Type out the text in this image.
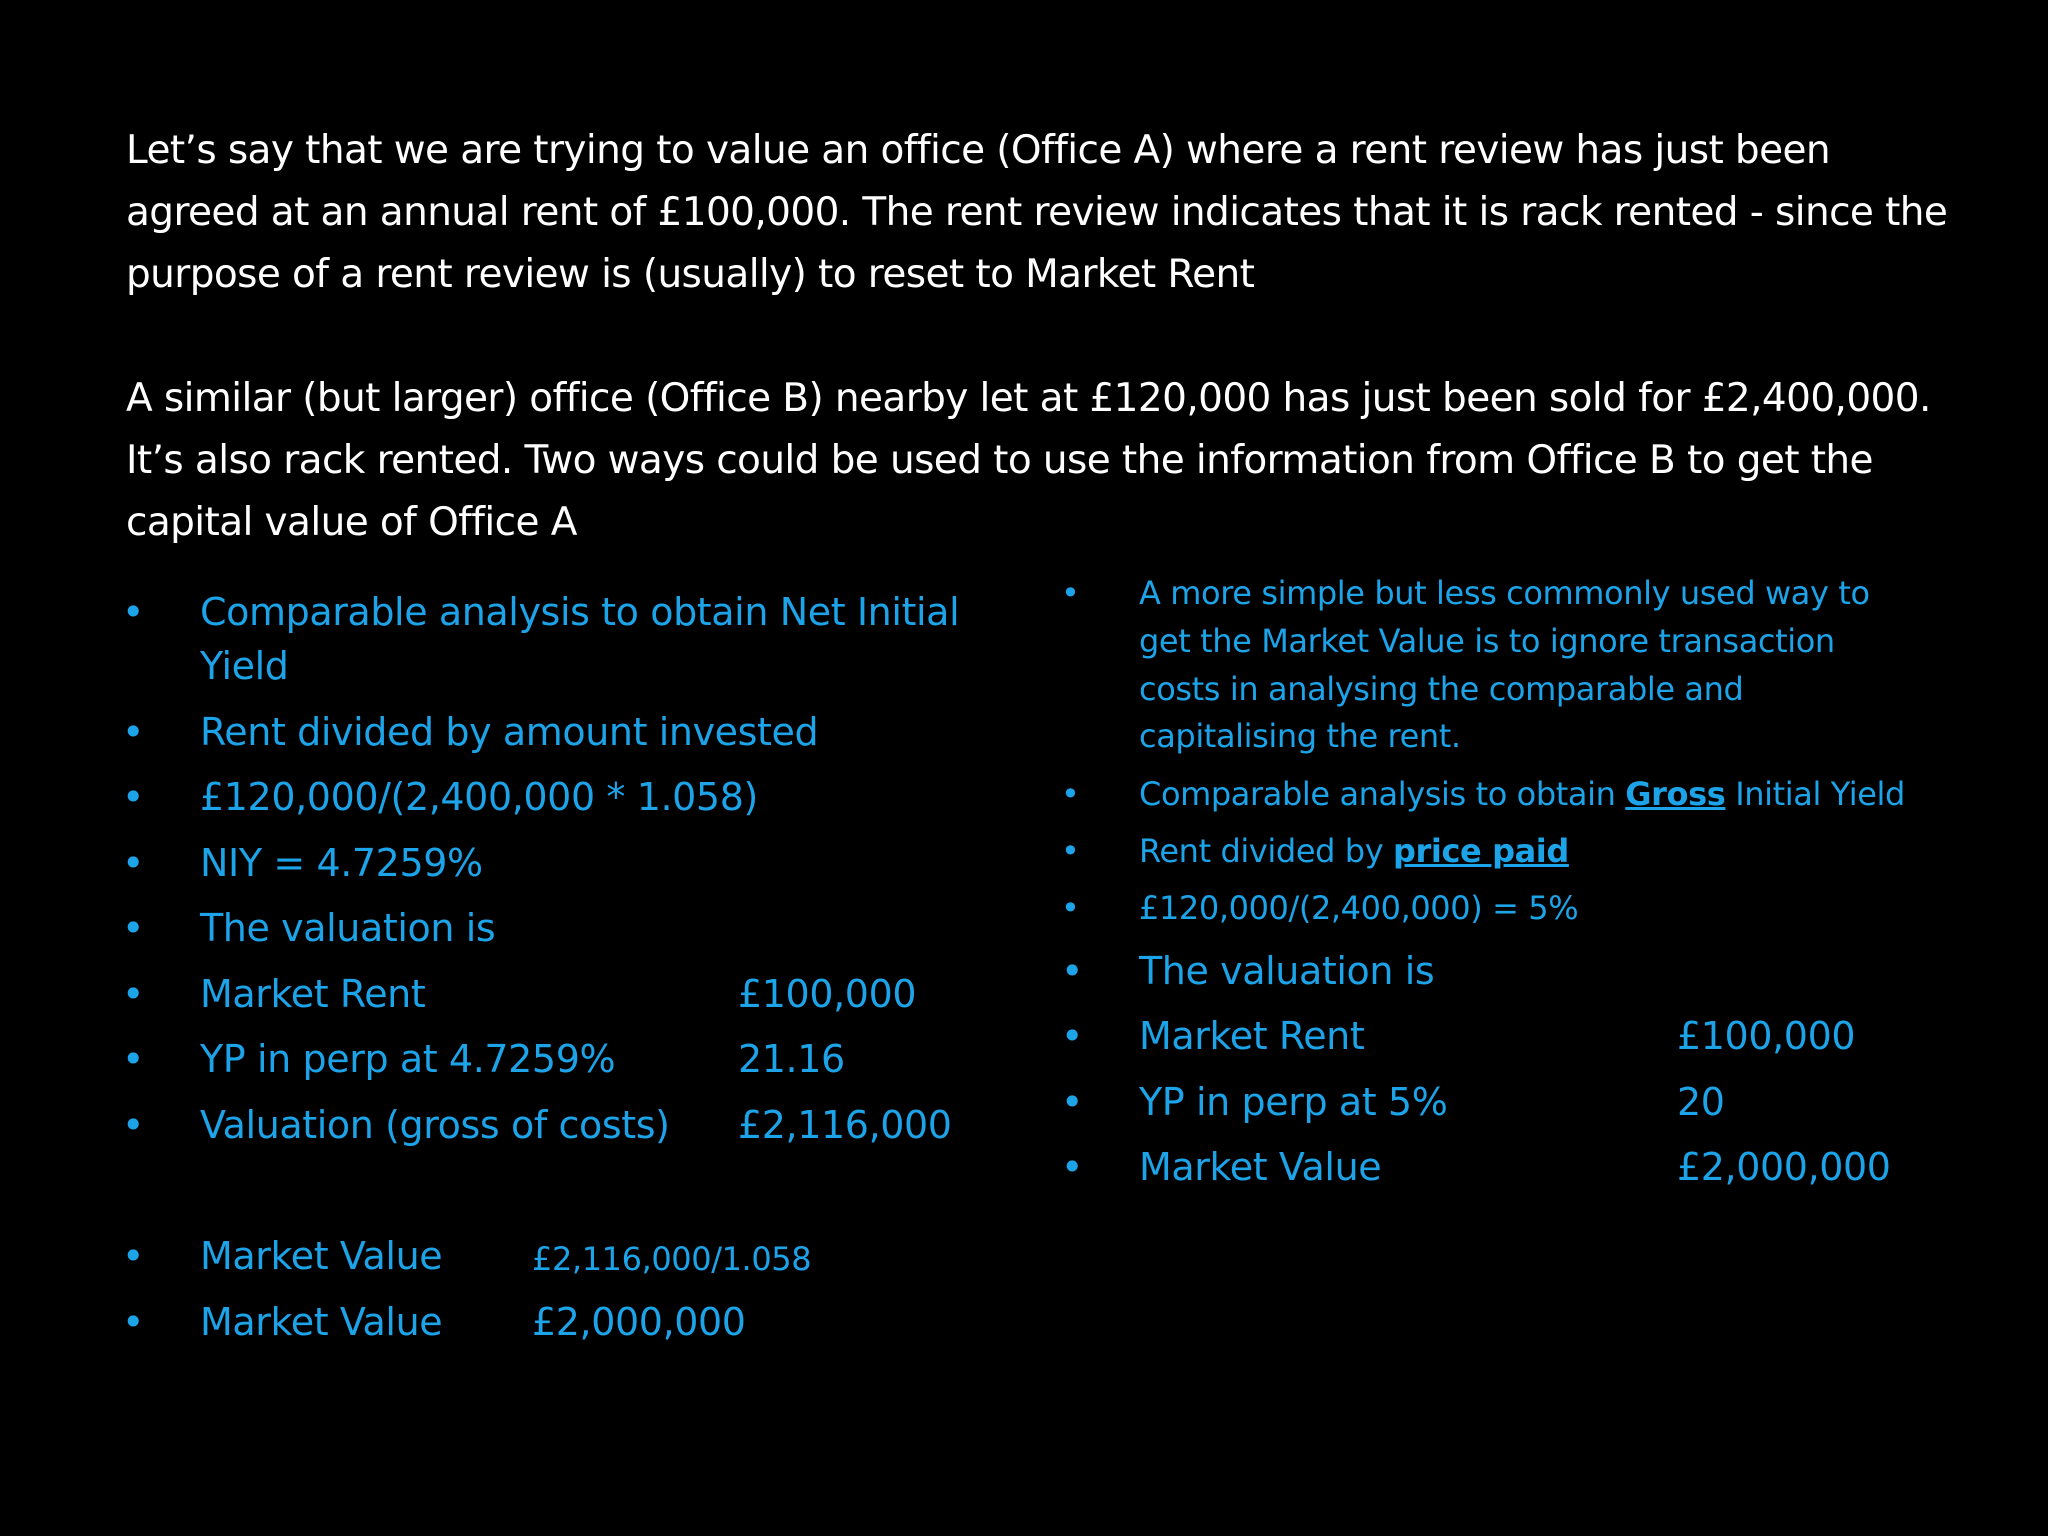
Let’s say that we are trying to value an office (Office A) where a rent review has just been agreed at an annual rent of £100,000. The rent review indicates that it is rack rented - since the purpose of a rent review is (usually) to reset to Market Rent

A similar (but larger) office (Office B) nearby let at £120,000 has just been sold for £2,400,000. It’s also rack rented. Two ways could be used to use the information from Office B to get the capital value of Office A

• Comparable analysis to obtain Net Initial
Yield
• Rent divided by amount invested
• £120,000/(2,400,000 * 1.058)
• NIY = 4.7259%
• The valuation is
• Market Rent	£100,000
• YP in perp at 4.7259%	21.16
• Valuation (gross of costs) £2,116,000
• Market Value	£2,116,000/1.058
• Market Value £2,000,000
• A more simple but less commonly used way to
get the Market Value is to ignore transaction
costs in analysing the comparable and
capitalising the rent.
• Comparable analysis to obtain Gross Initial Yield
• Rent divided by price paid
• £120,000/(2,400,000) = 5%
• The valuation is
• Market Rent	£100,000
• YP in perp at 5%	20
• Market Value	£2,000,000
